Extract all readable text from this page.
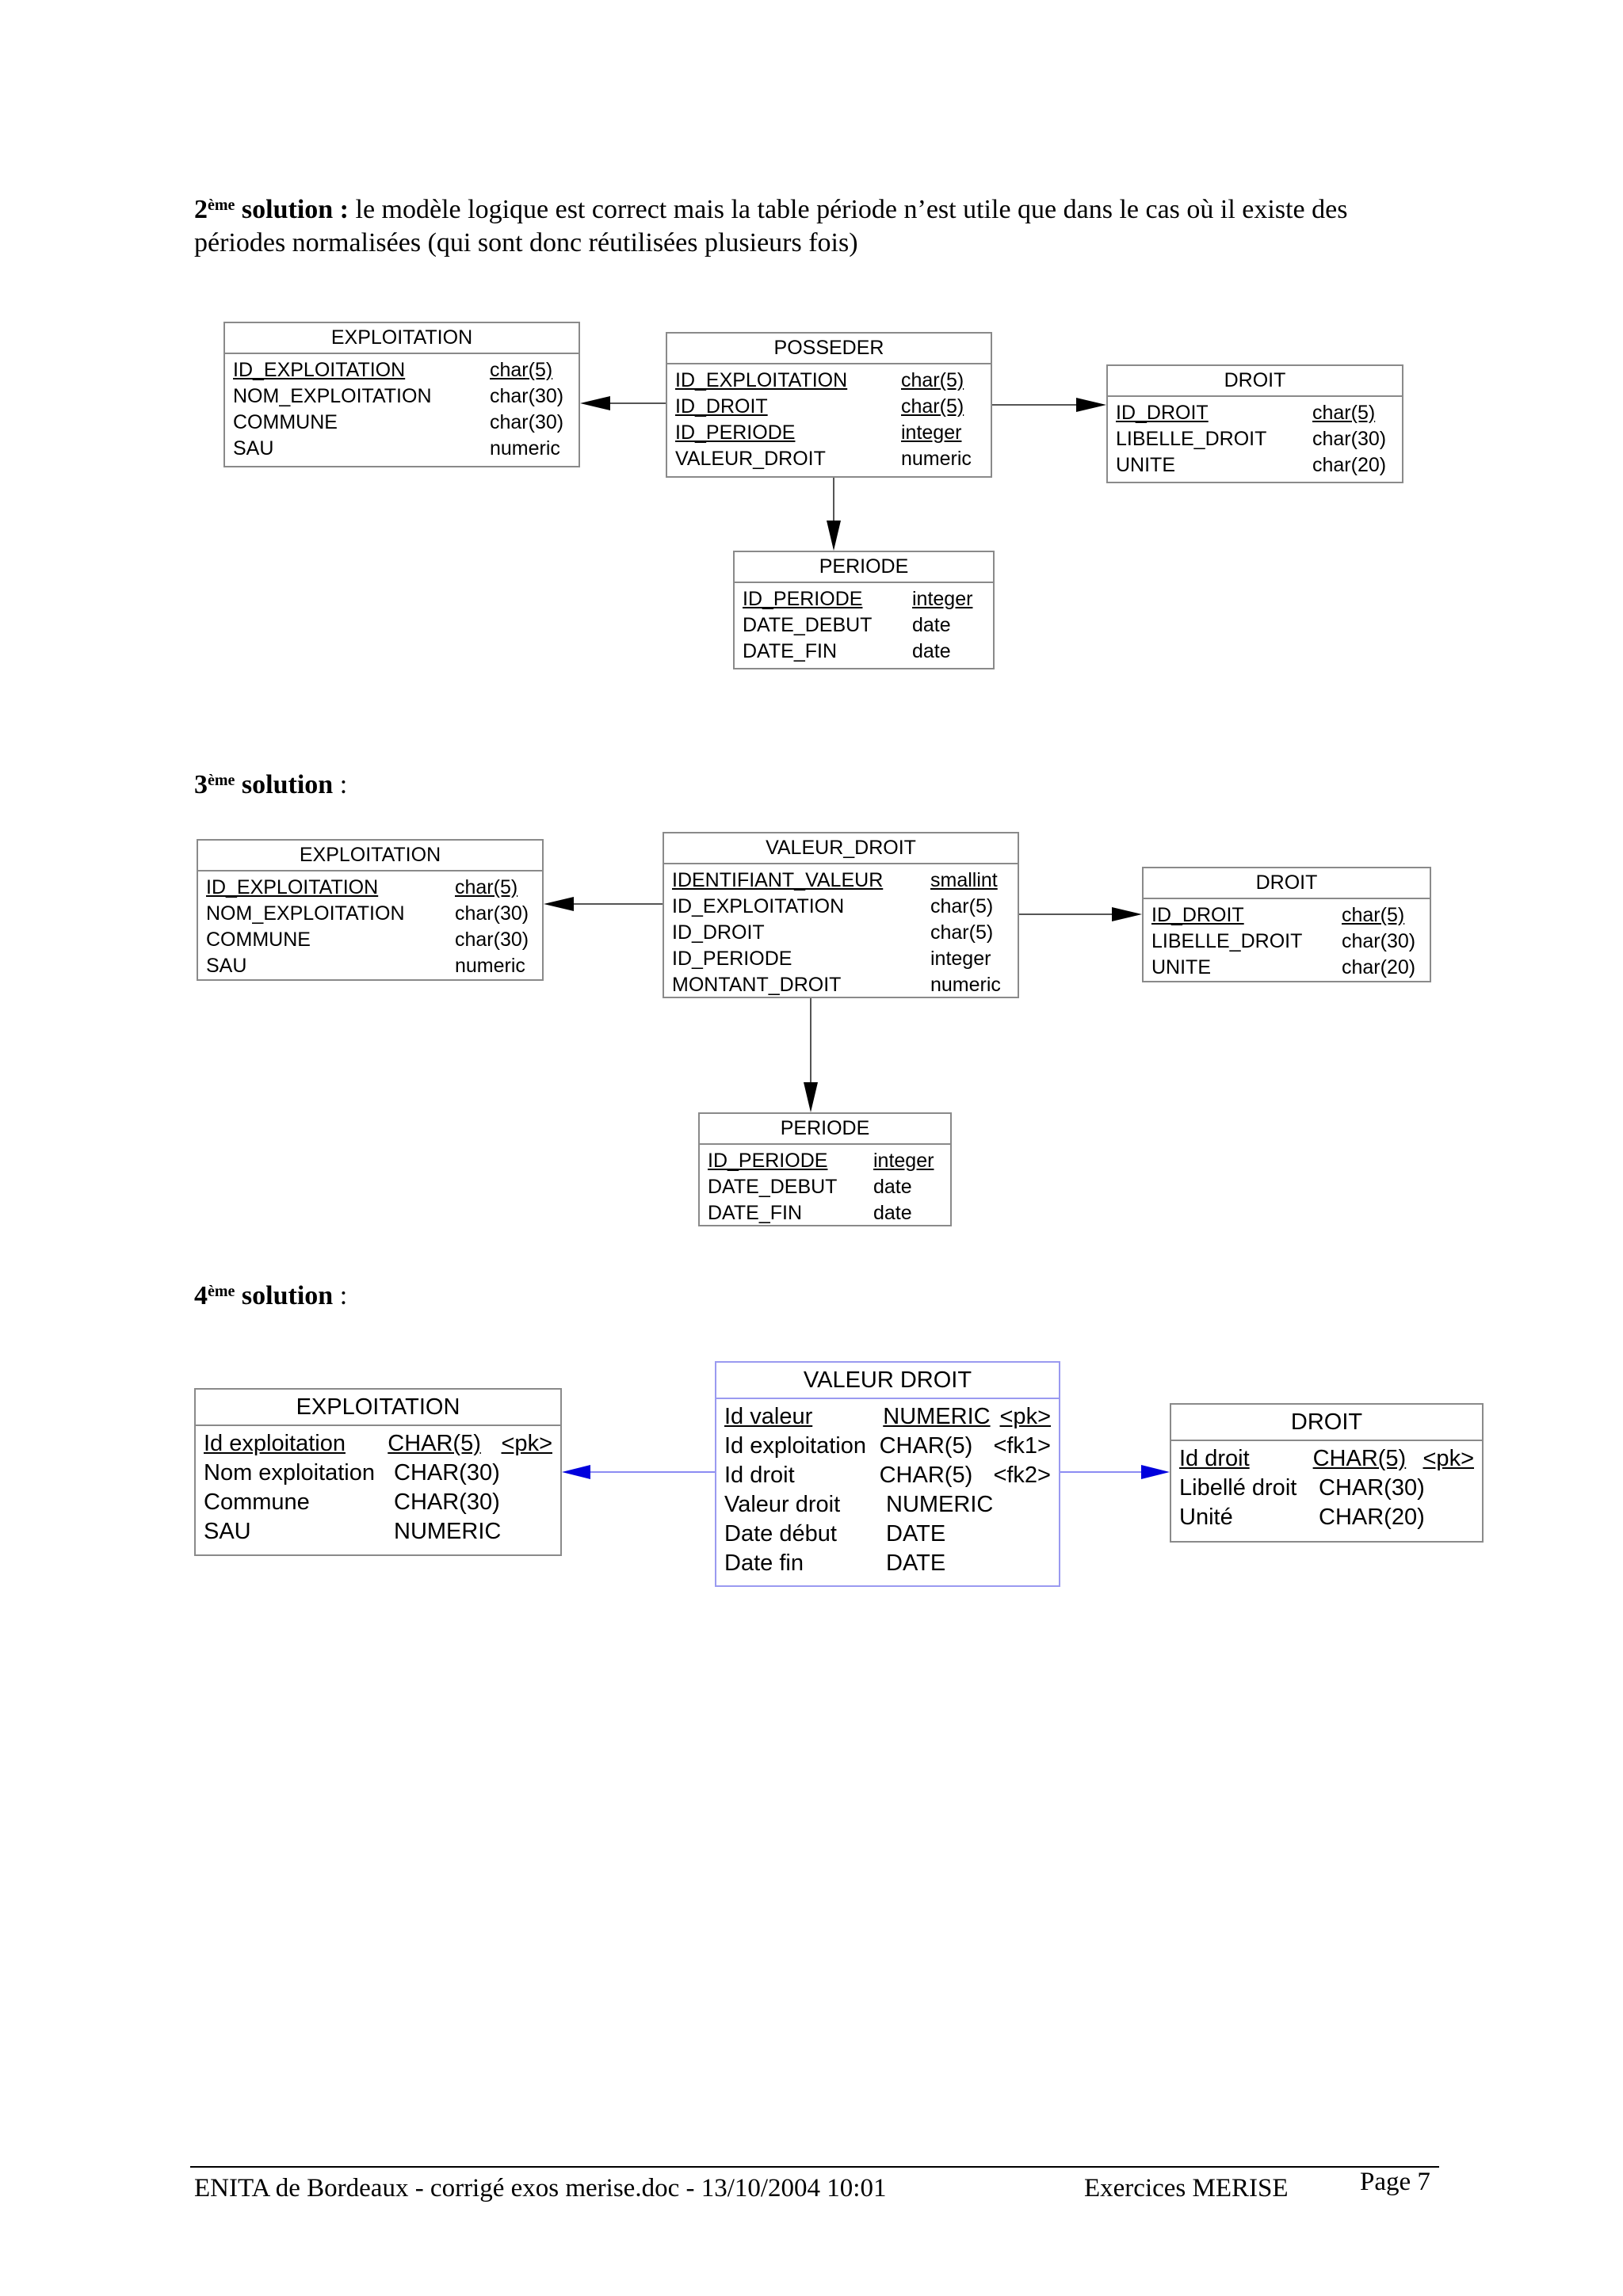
2ème solution : le modèle logique est correct mais la table période n’est utile que dans le cas où il existe des
périodes normalisées (qui sont donc réutilisées plusieurs fois)
EXPLOITATION
ID_EXPLOITATION	char(5)
NOM_EXPLOITATION	char(30)
COMMUNE	char(30)
SAU	numeric
POSSEDER
ID_EXPLOITATION	char(5)
ID_DROIT	char(5)
ID_PERIODE	integer
VALEUR_DROIT	numeric
DROIT
ID_DROIT	char(5)
LIBELLE_DROIT	char(30)
UNITE	char(20)
PERIODE
ID_PERIODE	integer
DATE_DEBUT	date
DATE_FIN	date
3ème solution :
EXPLOITATION
ID_EXPLOITATION	char(5)
NOM_EXPLOITATION	char(30)
COMMUNE	char(30)
SAU	numeric
VALEUR_DROIT
IDENTIFIANT_VALEUR	smallint
ID_EXPLOITATION	char(5)
ID_DROIT	char(5)
ID_PERIODE	integer
MONTANT_DROIT	numeric
DROIT
ID_DROIT	char(5)
LIBELLE_DROIT	char(30)
UNITE	char(20)
PERIODE
ID_PERIODE	integer
DATE_DEBUT	date
DATE_FIN	date
4ème solution :
EXPLOITATION
Id exploitation	CHAR(5) <pk>
Nom exploitation CHAR(30)
Commune	CHAR(30)
SAU	NUMERIC
VALEUR DROIT
Id valeur	NUMERIC <pk>
Id exploitation CHAR(5) <fk1>
Id droit	CHAR(5) <fk2>
Valeur droit	NUMERIC
Date début	DATE
Date fin	DATE
DROIT
Id droit	CHAR(5) <pk>
Libellé droit CHAR(30)
Unité	CHAR(20)
ENITA de Bordeaux - corrigé exos merise.doc - 13/10/2004 10:01	Exercices MERISE	Page 7
